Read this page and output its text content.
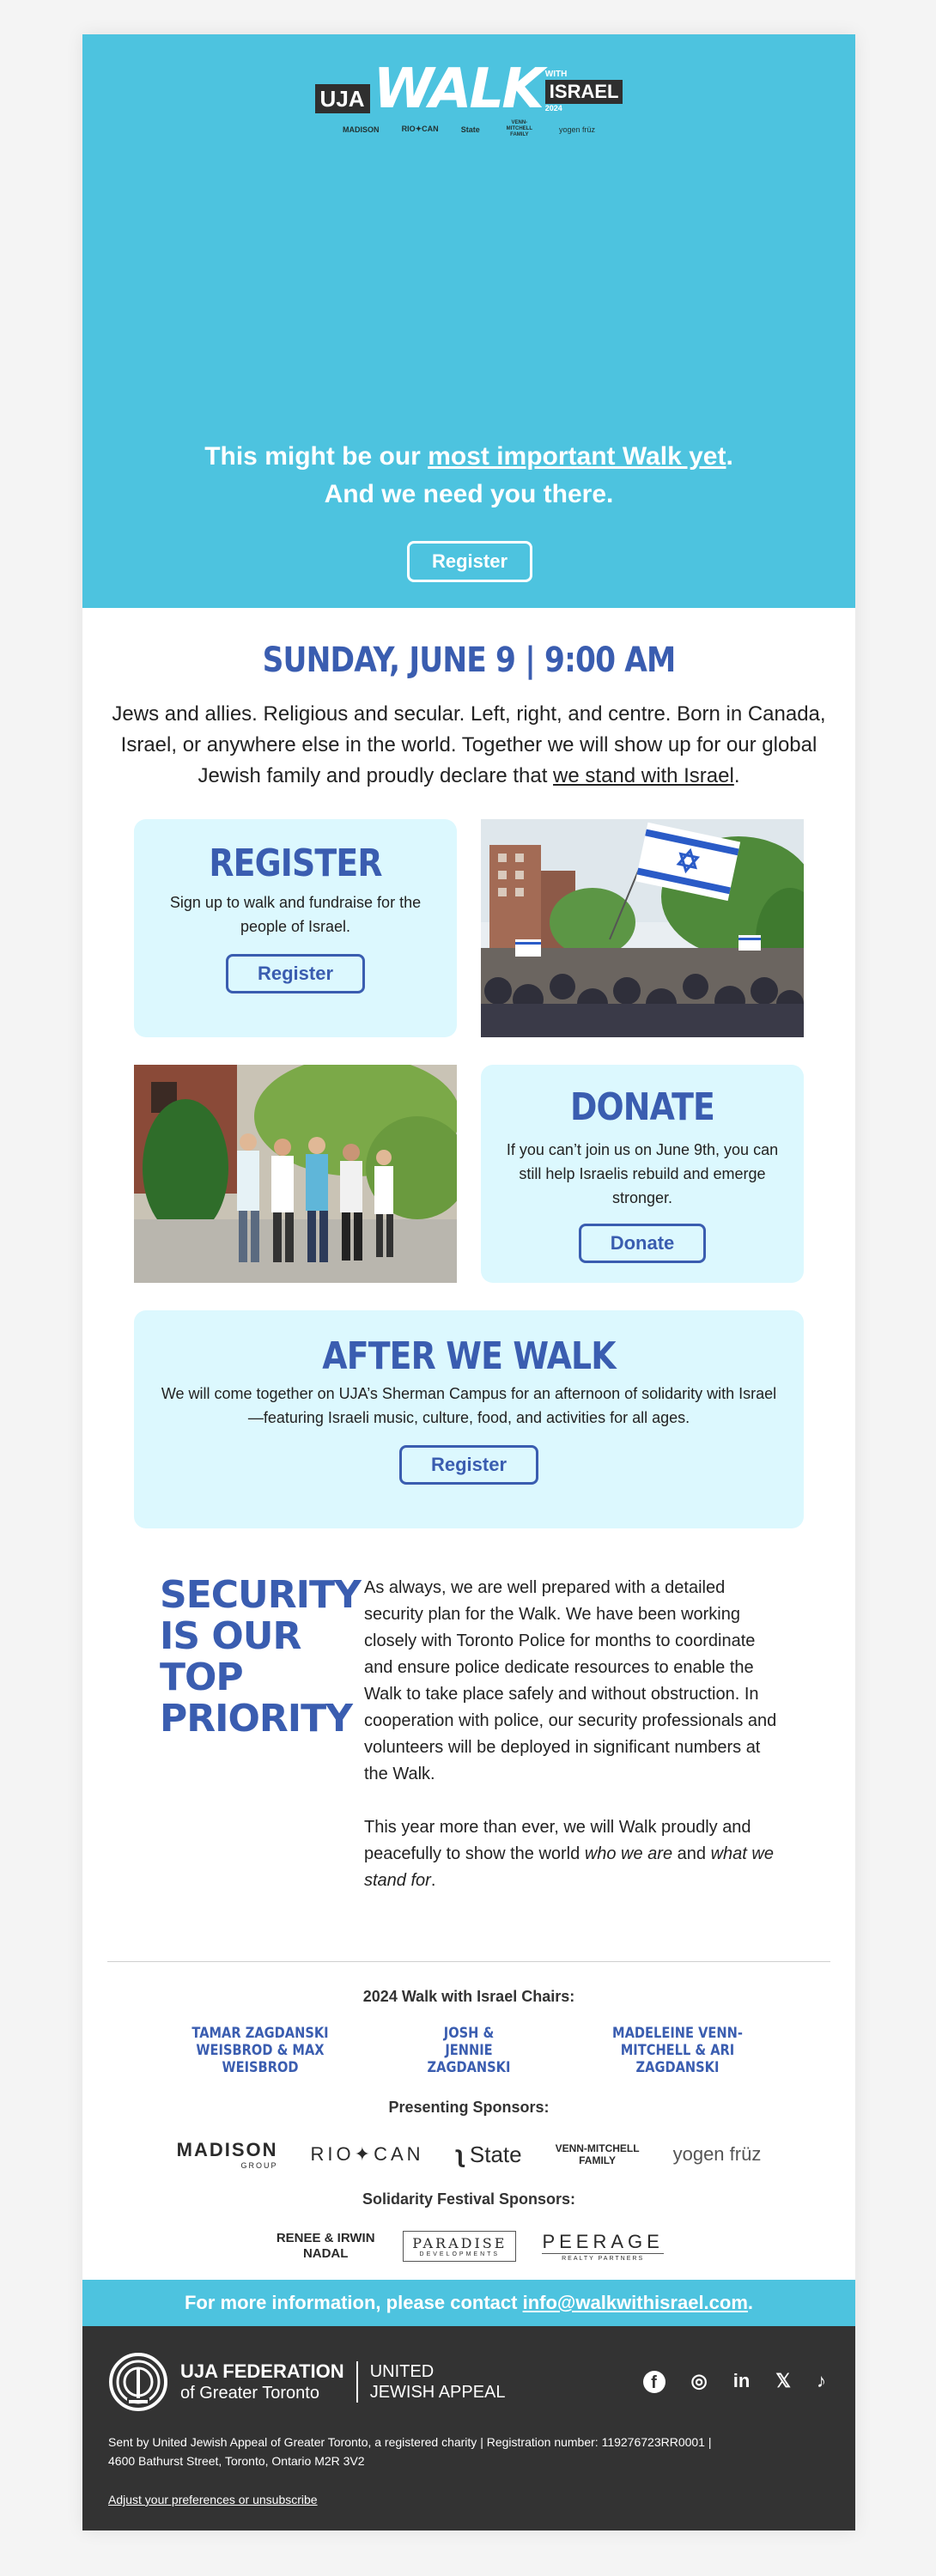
UJA WALK WITH
ISRAEL
2024
MADISON	RIO✦CAN	State
VENN-MITCHELL FAMILY
yogen früz
This might be our most important Walk yet.
And we need you there.
Register
SUNDAY, JUNE 9 | 9:00 AM
Jews and allies. Religious and secular. Left, right, and centre. Born in Canada, Israel, or anywhere else in the world. Together we will show up for our global Jewish family and proudly declare that we stand with Israel.
REGISTER
Sign up to walk and fundraise for the people of Israel.
Register
DONATE
If you can’t join us on June 9th, you can still help Israelis rebuild and emerge stronger.
Donate
AFTER WE WALK
We will come together on UJA’s Sherman Campus for an afternoon of solidarity with Israel —featuring Israeli music, culture, food, and activities for all ages.
Register
SECURITY IS OUR TOP PRIORITY

As always, we are well prepared with a detailed security plan for the Walk. We have been working closely with Toronto Police for months to coordinate and ensure police dedicate resources to enable the Walk to take place safely and without obstruction. In cooperation with police, our security professionals and volunteers will be deployed in significant numbers at the Walk.

This year more than ever, we will Walk proudly and peacefully to show the world who we are and what we stand for.

2024 Walk with Israel Chairs:
TAMAR ZAGDANSKI WEISBROD & MAX WEISBROD
JOSH & JENNIE ZAGDANSKI
MADELEINE VENN-MITCHELL & ARI ZAGDANSKI
Presenting Sponsors:
MADISON
GROUP
RIO✦CAN ʅ State	VENN-MITCHELL FAMILY	yogen früz
Solidarity Festival Sponsors:
RENEE & IRWIN NADAL
PARADISE
DEVELOPMENTS
PEERAGE
REALTY PARTNERS
For more information, please contact info@walkwithisrael.com.
UJA FEDERATION
of Greater Toronto
UNITED
JEWISH APPEAL	f	◎ in 𝕏 ♪
Sent by United Jewish Appeal of Greater Toronto, a registered charity | Registration number: 119276723RR0001 |
4600 Bathurst Street, Toronto, Ontario M2R 3V2
Adjust your preferences or unsubscribe
